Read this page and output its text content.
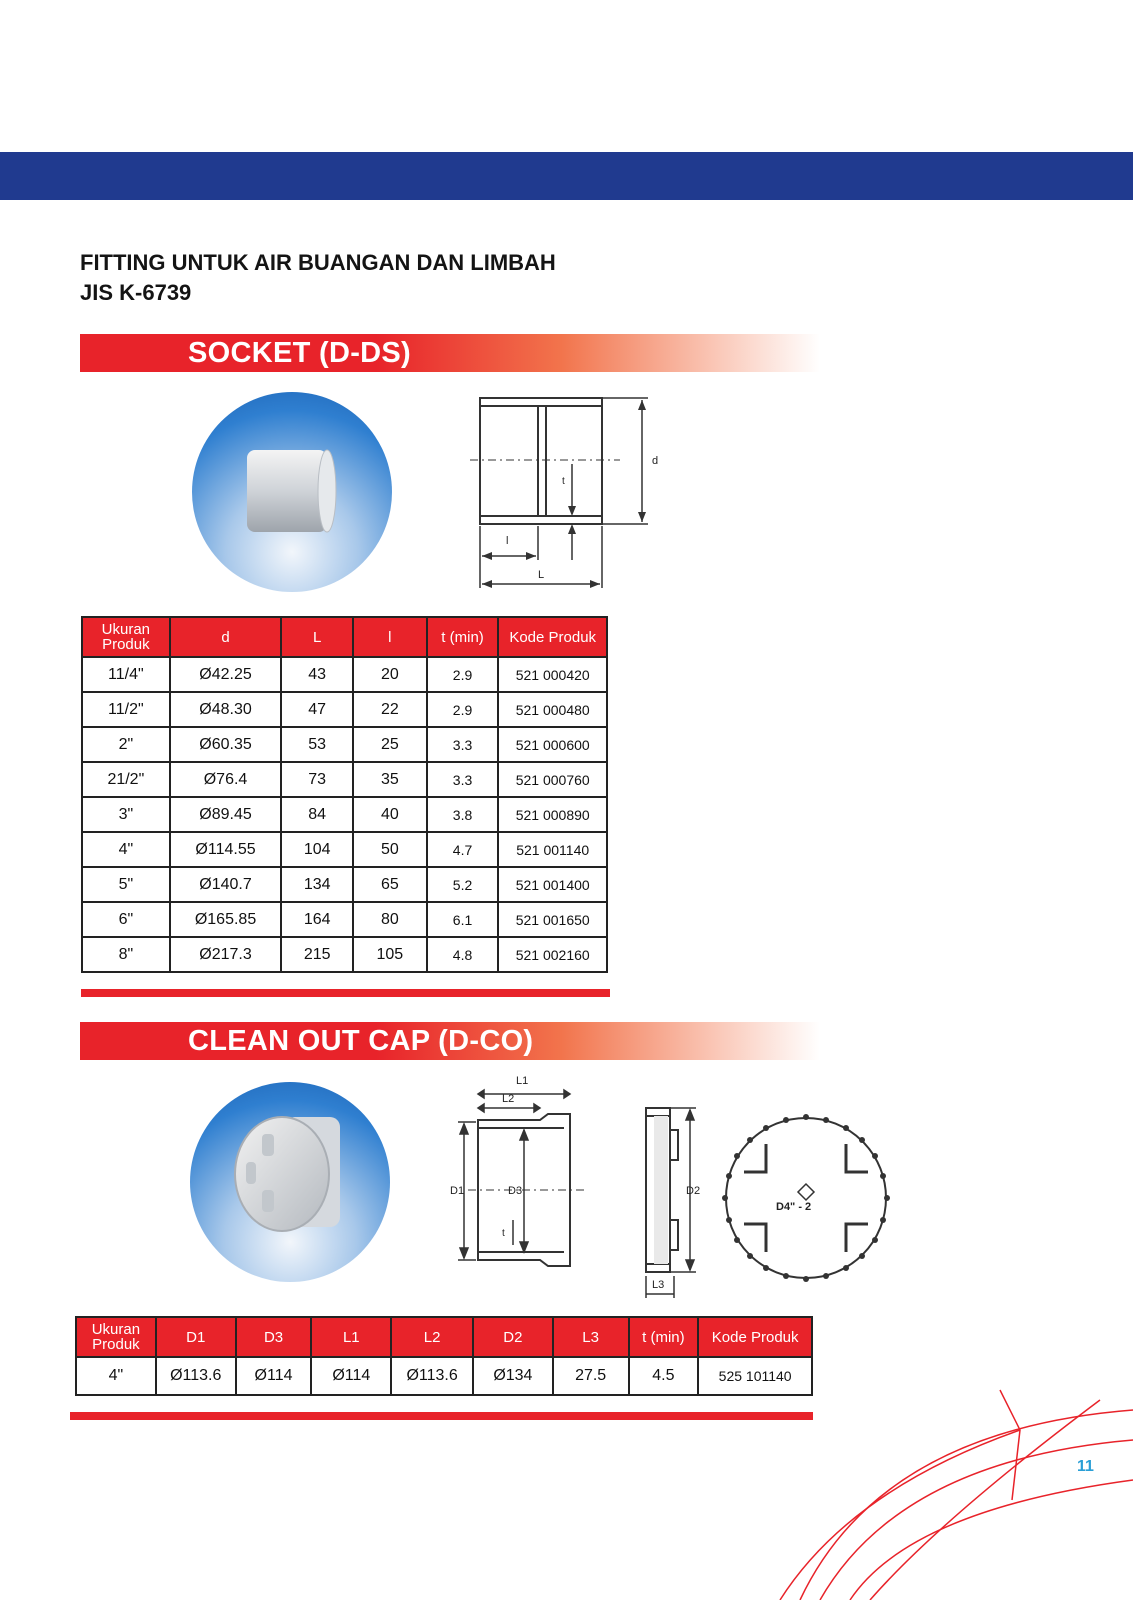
FITTING UNTUK AIR BUANGAN DAN LIMBAH
JIS K-6739
SOCKET (D-DS)
d
t
l
L
Ukuran Produk	d	L	l	t (min)	Kode Produk
11/4"	Ø42.25	43	20	2.9	521 000420
11/2"	Ø48.30	47	22	2.9	521 000480
2"	Ø60.35	53	25	3.3	521 000600
21/2"	Ø76.4	73	35	3.3	521 000760
3"	Ø89.45	84	40	3.8	521 000890
4"	Ø114.55	104	50	4.7	521 001140
5"	Ø140.7	134	65	5.2	521 001400
6"	Ø165.85	164	80	6.1	521 001650
8"	Ø217.3	215	105	4.8	521 002160
CLEAN OUT CAP (D-CO)
L1
L2
D1	D3
t
D2
L3
D4" - 2
Ukuran Produk	D1	D3	L1	L2	D2	L3	t (min)	Kode Produk
4"	Ø113.6	Ø114	Ø114	Ø113.6	Ø134	27.5	4.5	525 101140
11
